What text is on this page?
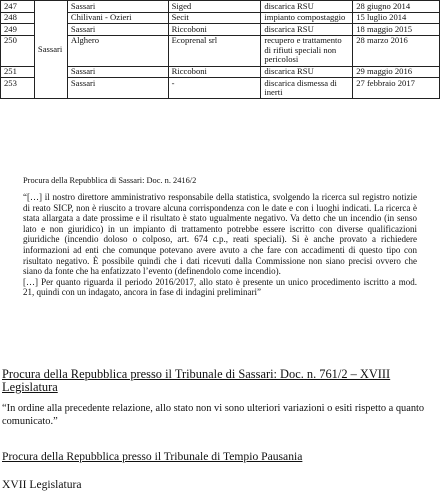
247	Sassari	Sassari	Siged	discarica RSU	28 giugno 2014
248		Chilivani - Ozieri	Secit	impianto compostaggio	15 luglio 2014
249		Sassari	Riccoboni	discarica RSU	18 maggio 2015
250		Alghero	Ecoprenal srl	recupero e trattamento di rifiuti speciali non pericolosi	28 marzo 2016
251		Sassari	Riccoboni	discarica RSU	29 maggio 2016
253		Sassari	-	discarica dismessa di inerti	27 febbraio 2017
Procura della Repubblica di Sassari: Doc. n. 2416/2

“[…] il nostro direttore amministrativo responsabile della statistica, svolgendo la ricerca sul registro notizie di reato SICP, non è riuscito a trovare alcuna corrispondenza con le date e con i luoghi indicati. La ricerca è stata allargata a date prossime e il risultato è stato ugualmente negativo. Va detto che un incendio (in senso lato e non giuridico) in un impianto di trattamento potrebbe essere iscritto con diverse qualificazioni giuridiche (incendio doloso o colposo, art. 674 c.p., reati speciali). Si è anche provato a richiedere informazioni ad enti che comunque potevano avere avuto a che fare con accadimenti di questo tipo con risultato negativo. È possibile quindi che i dati ricevuti dalla Commissione non siano precisi ovvero che siano da fonte che ha enfatizzato l’evento (definendolo come incendio).

[…] Per quanto riguarda il periodo 2016/2017, allo stato è presente un unico procedimento iscritto a mod. 21, quindi con un indagato, ancora in fase di indagini preliminari”

Procura della Repubblica presso il Tribunale di Sassari: Doc. n. 761/2 – XVIII Legislatura
“In ordine alla precedente relazione, allo stato non vi sono ulteriori variazioni o esiti rispetto a quanto comunicato.”
Procura della Repubblica presso il Tribunale di Tempio Pausania
XVII Legislatura
